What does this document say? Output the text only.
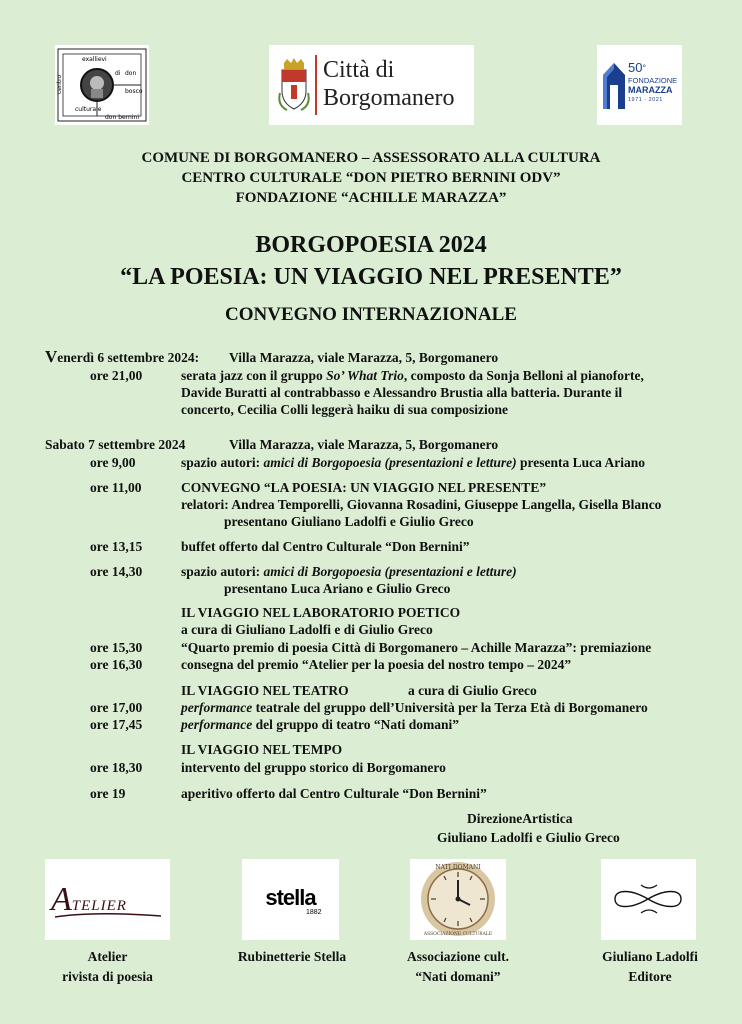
exallievi
di don
bosco
centro
culturale
don bernini
Città di
Borgomanero
50°
FONDAZIONE
MARAZZA
1971 · 2021
COMUNE DI BORGOMANERO – ASSESSORATO ALLA CULTURA
CENTRO CULTURALE “DON PIETRO BERNINI ODV”
FONDAZIONE “ACHILLE MARAZZA”
BORGOPOESIA 2024
“LA POESIA: UN VIAGGIO NEL PRESENTE”
CONVEGNO INTERNAZIONALE
Venerdì 6 settembre 2024: Villa Marazza, viale Marazza, 5, Borgomanero
ore 21,00	serata jazz con il gruppo So’ What Trio, composto da Sonja Belloni al pianoforte,
Davide Buratti al contrabbasso e Alessandro Brustia alla batteria. Durante il
concerto, Cecilia Colli leggerà haiku di sua composizione
Sabato 7 settembre 2024	Villa Marazza, viale Marazza, 5, Borgomanero
ore 9,00	spazio autori: amici di Borgopoesia (presentazioni e letture) presenta Luca Ariano
ore 11,00	CONVEGNO “LA POESIA: UN VIAGGIO NEL PRESENTE”
relatori: Andrea Temporelli, Giovanna Rosadini, Giuseppe Langella, Gisella Blanco
presentano Giuliano Ladolfi e Giulio Greco
ore 13,15	buffet offerto dal Centro Culturale “Don Bernini”
ore 14,30	spazio autori: amici di Borgopoesia (presentazioni e letture)
presentano Luca Ariano e Giulio Greco
IL VIAGGIO NEL LABORATORIO POETICO
a cura di Giuliano Ladolfi e di Giulio Greco
ore 15,30	“Quarto premio di poesia Città di Borgomanero – Achille Marazza”: premiazione
ore 16,30	consegna del premio “Atelier per la poesia del nostro tempo – 2024”
IL VIAGGIO NEL TEATRO	a cura di Giulio Greco
ore 17,00	performance teatrale del gruppo dell’Università per la Terza Età di Borgomanero
ore 17,45	performance del gruppo di teatro “Nati domani”
IL VIAGGIO NEL TEMPO
ore 18,30	intervento del gruppo storico di Borgomanero
ore 19	aperitivo offerto dal Centro Culturale “Don Bernini”
DirezioneArtistica
Giuliano Ladolfi e Giulio Greco
ATELIER	stella
1882
NATI DOMANI
ASSOCIAZIONE CULTURALE
Atelier
rivista di poesia
Rubinetterie Stella	Associazione cult.
“Nati domani”
Giuliano Ladolfi
Editore
